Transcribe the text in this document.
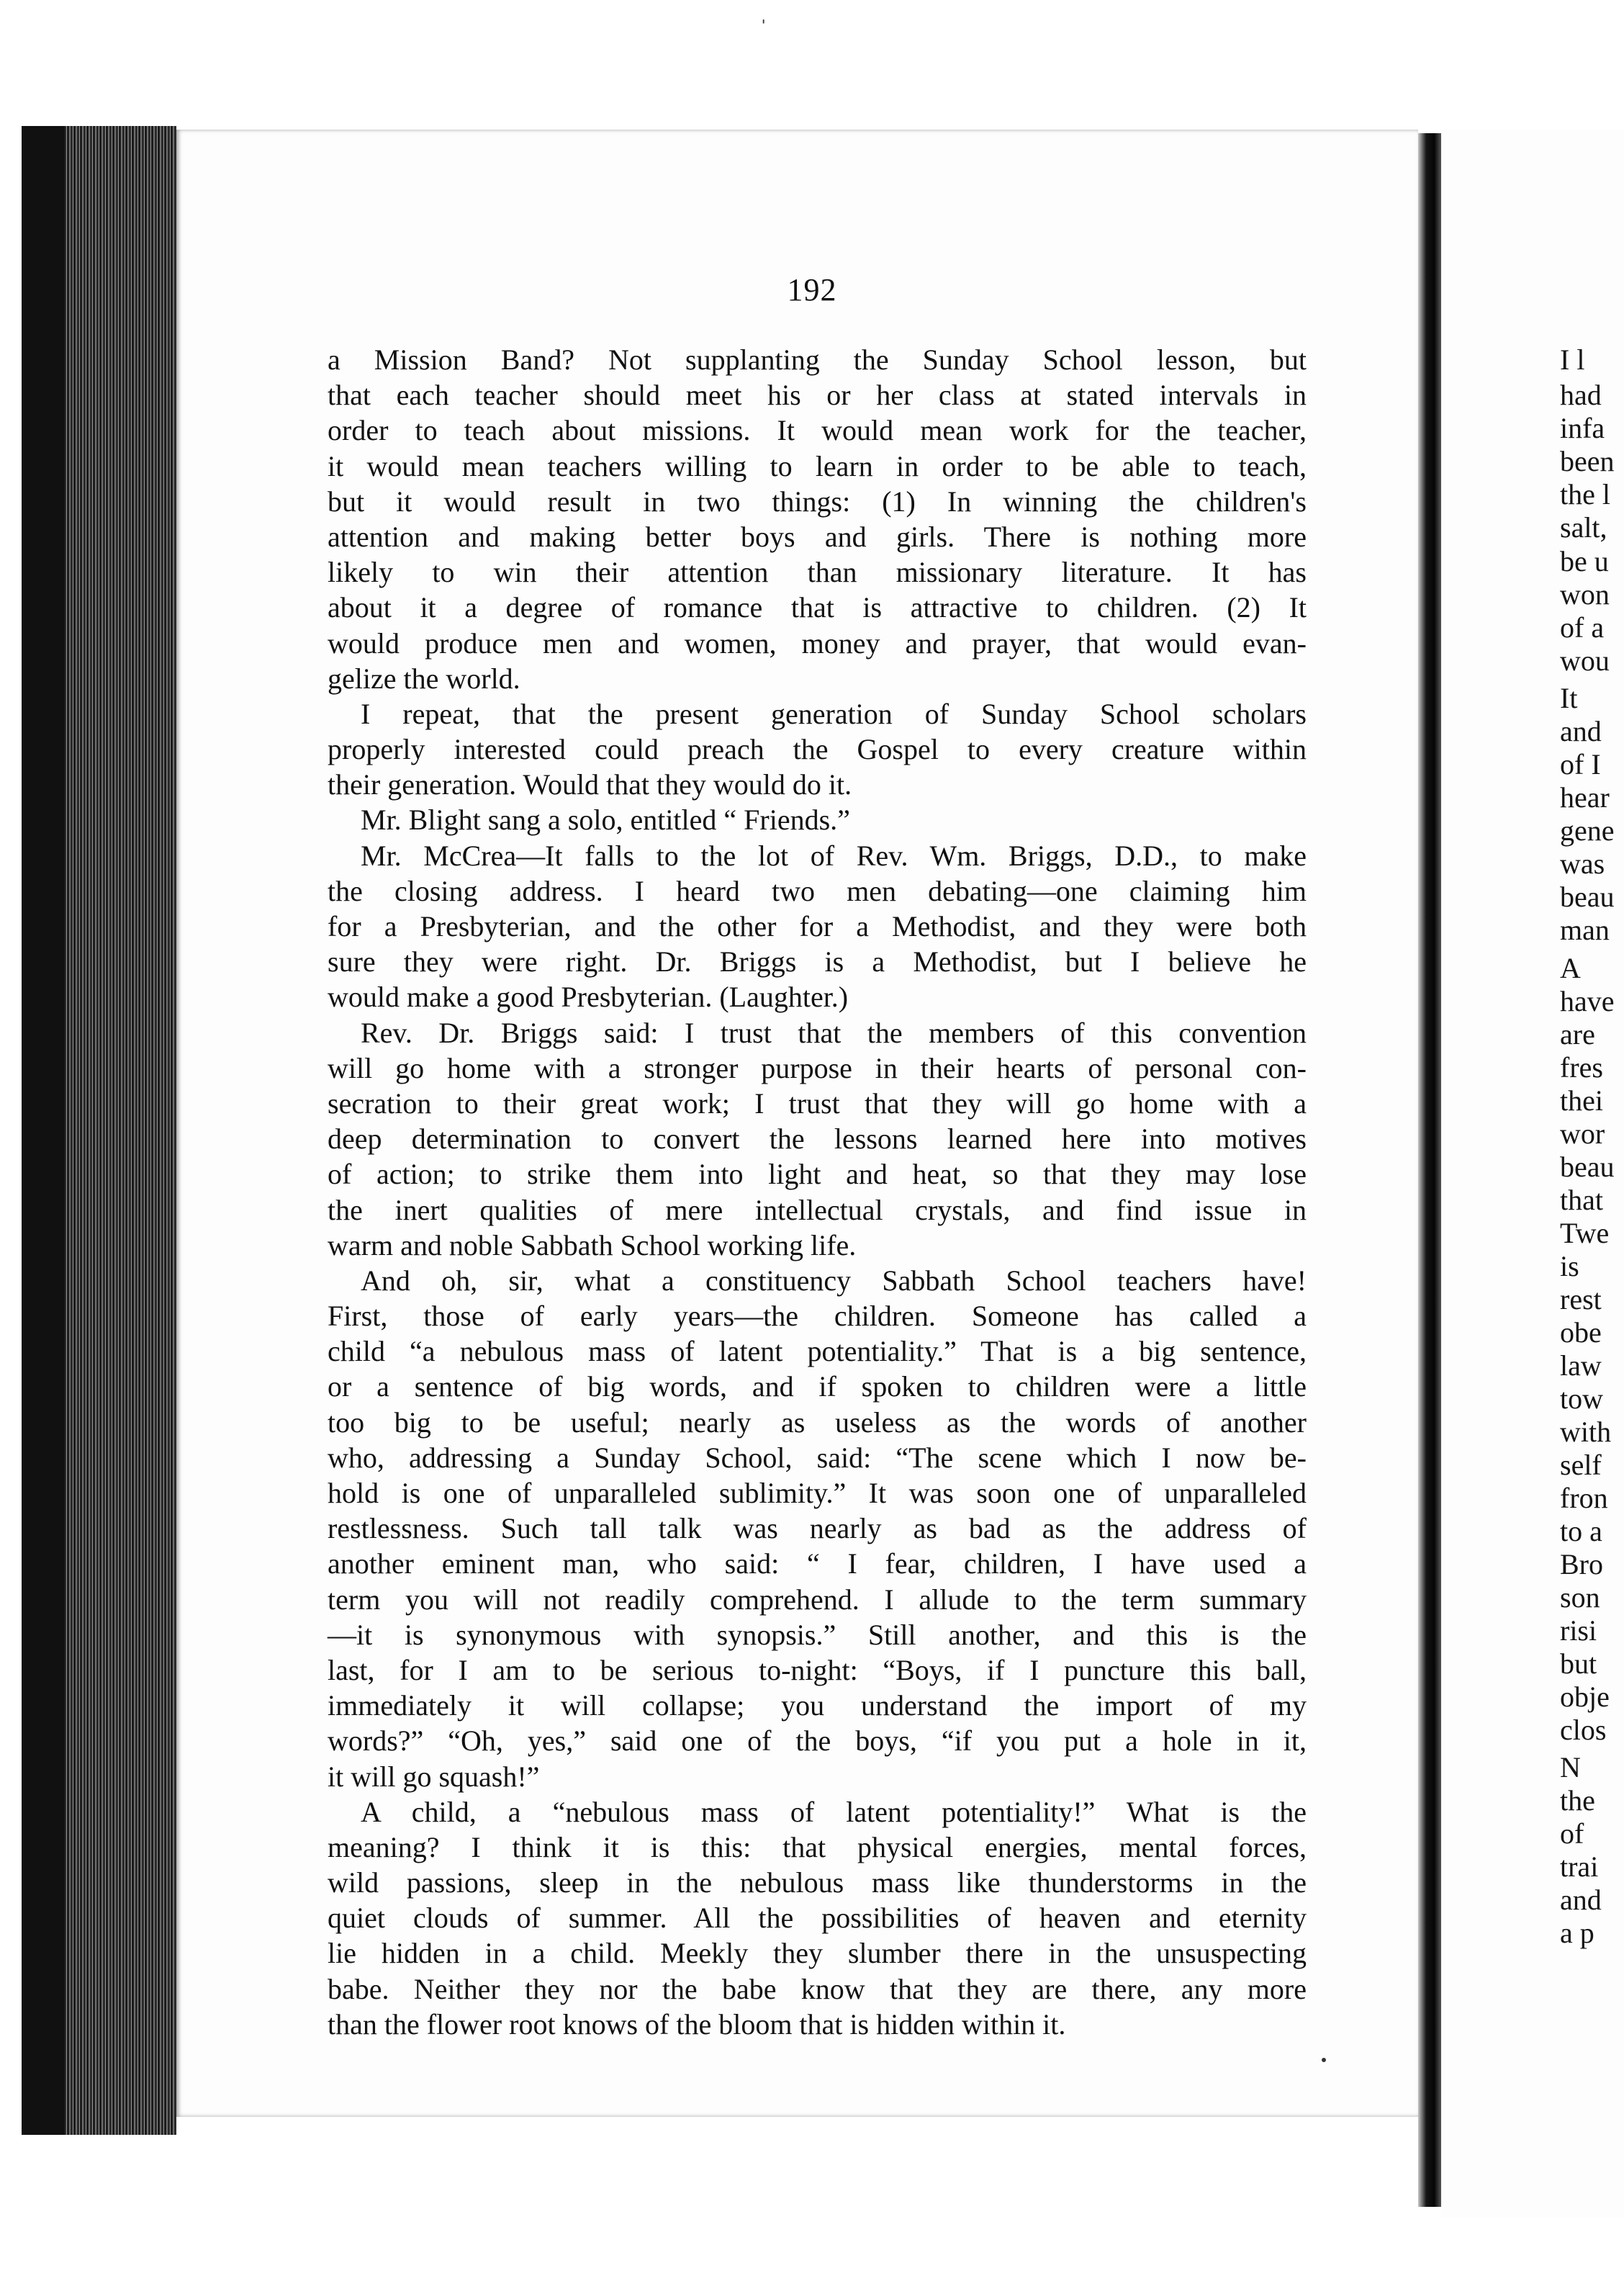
I l
had
infa
been
the l
salt,
be u
won
of a
wou
It
and
of I
hear
gene
was
beau
man
A
have
are
fres
thei
wor
beau
that
Twe
is
rest
obe
law
tow
with
self
fron
to a
Bro
son
risi
but
obje
clos
N
the
of
trai
and
a p
ˈ
192
a Mission Band? Not supplanting the Sunday School lesson, but
that each teacher should meet his or her class at stated intervals in
order to teach about missions. It would mean work for the teacher,
it would mean teachers willing to learn in order to be able to teach,
but it would result in two things: (1) In winning the children's
attention and making better boys and girls. There is nothing more
likely to win their attention than missionary literature. It has
about it a degree of romance that is attractive to children. (2) It
would produce men and women, money and prayer, that would evan-
gelize the world.
I repeat, that the present generation of Sunday School scholars
properly interested could preach the Gospel to every creature within
their generation. Would that they would do it.
Mr. Blight sang a solo, entitled “ Friends.”
Mr. McCrea—It falls to the lot of Rev. Wm. Briggs, D.D., to make
the closing address. I heard two men debating—one claiming him
for a Presbyterian, and the other for a Methodist, and they were both
sure they were right. Dr. Briggs is a Methodist, but I believe he
would make a good Presbyterian. (Laughter.)
Rev. Dr. Briggs said: I trust that the members of this convention
will go home with a stronger purpose in their hearts of personal con-
secration to their great work; I trust that they will go home with a
deep determination to convert the lessons learned here into motives
of action; to strike them into light and heat, so that they may lose
the inert qualities of mere intellectual crystals, and find issue in
warm and noble Sabbath School working life.
And oh, sir, what a constituency Sabbath School teachers have!
First, those of early years—the children. Someone has called a
child “a nebulous mass of latent potentiality.” That is a big sentence,
or a sentence of big words, and if spoken to children were a little
too big to be useful; nearly as useless as the words of another
who, addressing a Sunday School, said: “The scene which I now be-
hold is one of unparalleled sublimity.” It was soon one of unparalleled
restlessness. Such tall talk was nearly as bad as the address of
another eminent man, who said: “ I fear, children, I have used a
term you will not readily comprehend. I allude to the term summary
—it is synonymous with synopsis.” Still another, and this is the
last, for I am to be serious to-night: “Boys, if I puncture this ball,
immediately it will collapse; you understand the import of my
words?” “Oh, yes,” said one of the boys, “if you put a hole in it,
it will go squash!”
A child, a “nebulous mass of latent potentiality!” What is the
meaning? I think it is this: that physical energies, mental forces,
wild passions, sleep in the nebulous mass like thunderstorms in the
quiet clouds of summer. All the possibilities of heaven and eternity
lie hidden in a child. Meekly they slumber there in the unsuspecting
babe. Neither they nor the babe know that they are there, any more
than the flower root knows of the bloom that is hidden within it.
